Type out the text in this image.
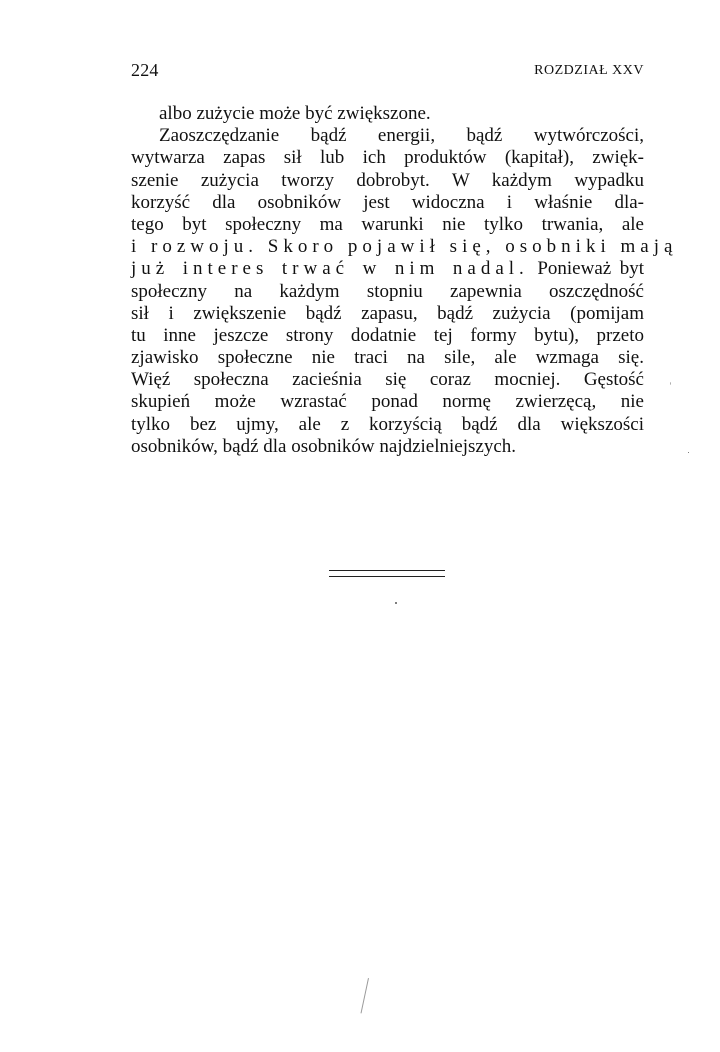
224	ROZDZIAŁ XXV
albo zużycie może być zwiększone.
Zaoszczędzanie bądź energii, bądź wytwórczości,
wytwarza zapas sił lub ich produktów (kapitał), zwięk-
szenie zużycia tworzy dobrobyt. W każdym wypadku
korzyść dla osobników jest widoczna i właśnie dla-
tego byt społeczny ma warunki nie tylko trwania, ale
i rozwoju. Skoro pojawił się, osobniki mają
już interes trwać w nim nadal. Ponieważ byt
społeczny na każdym stopniu zapewnia oszczędność
sił i zwiększenie bądź zapasu, bądź zużycia (pomijam
tu inne jeszcze strony dodatnie tej formy bytu), przeto
zjawisko społeczne nie traci na sile, ale wzmaga się.
Więź społeczna zacieśnia się coraz mocniej. Gęstość
skupień może wzrastać ponad normę zwierzęcą, nie
tylko bez ujmy, ale z korzyścią bądź dla większości
osobników, bądź dla osobników najdzielniejszych.
